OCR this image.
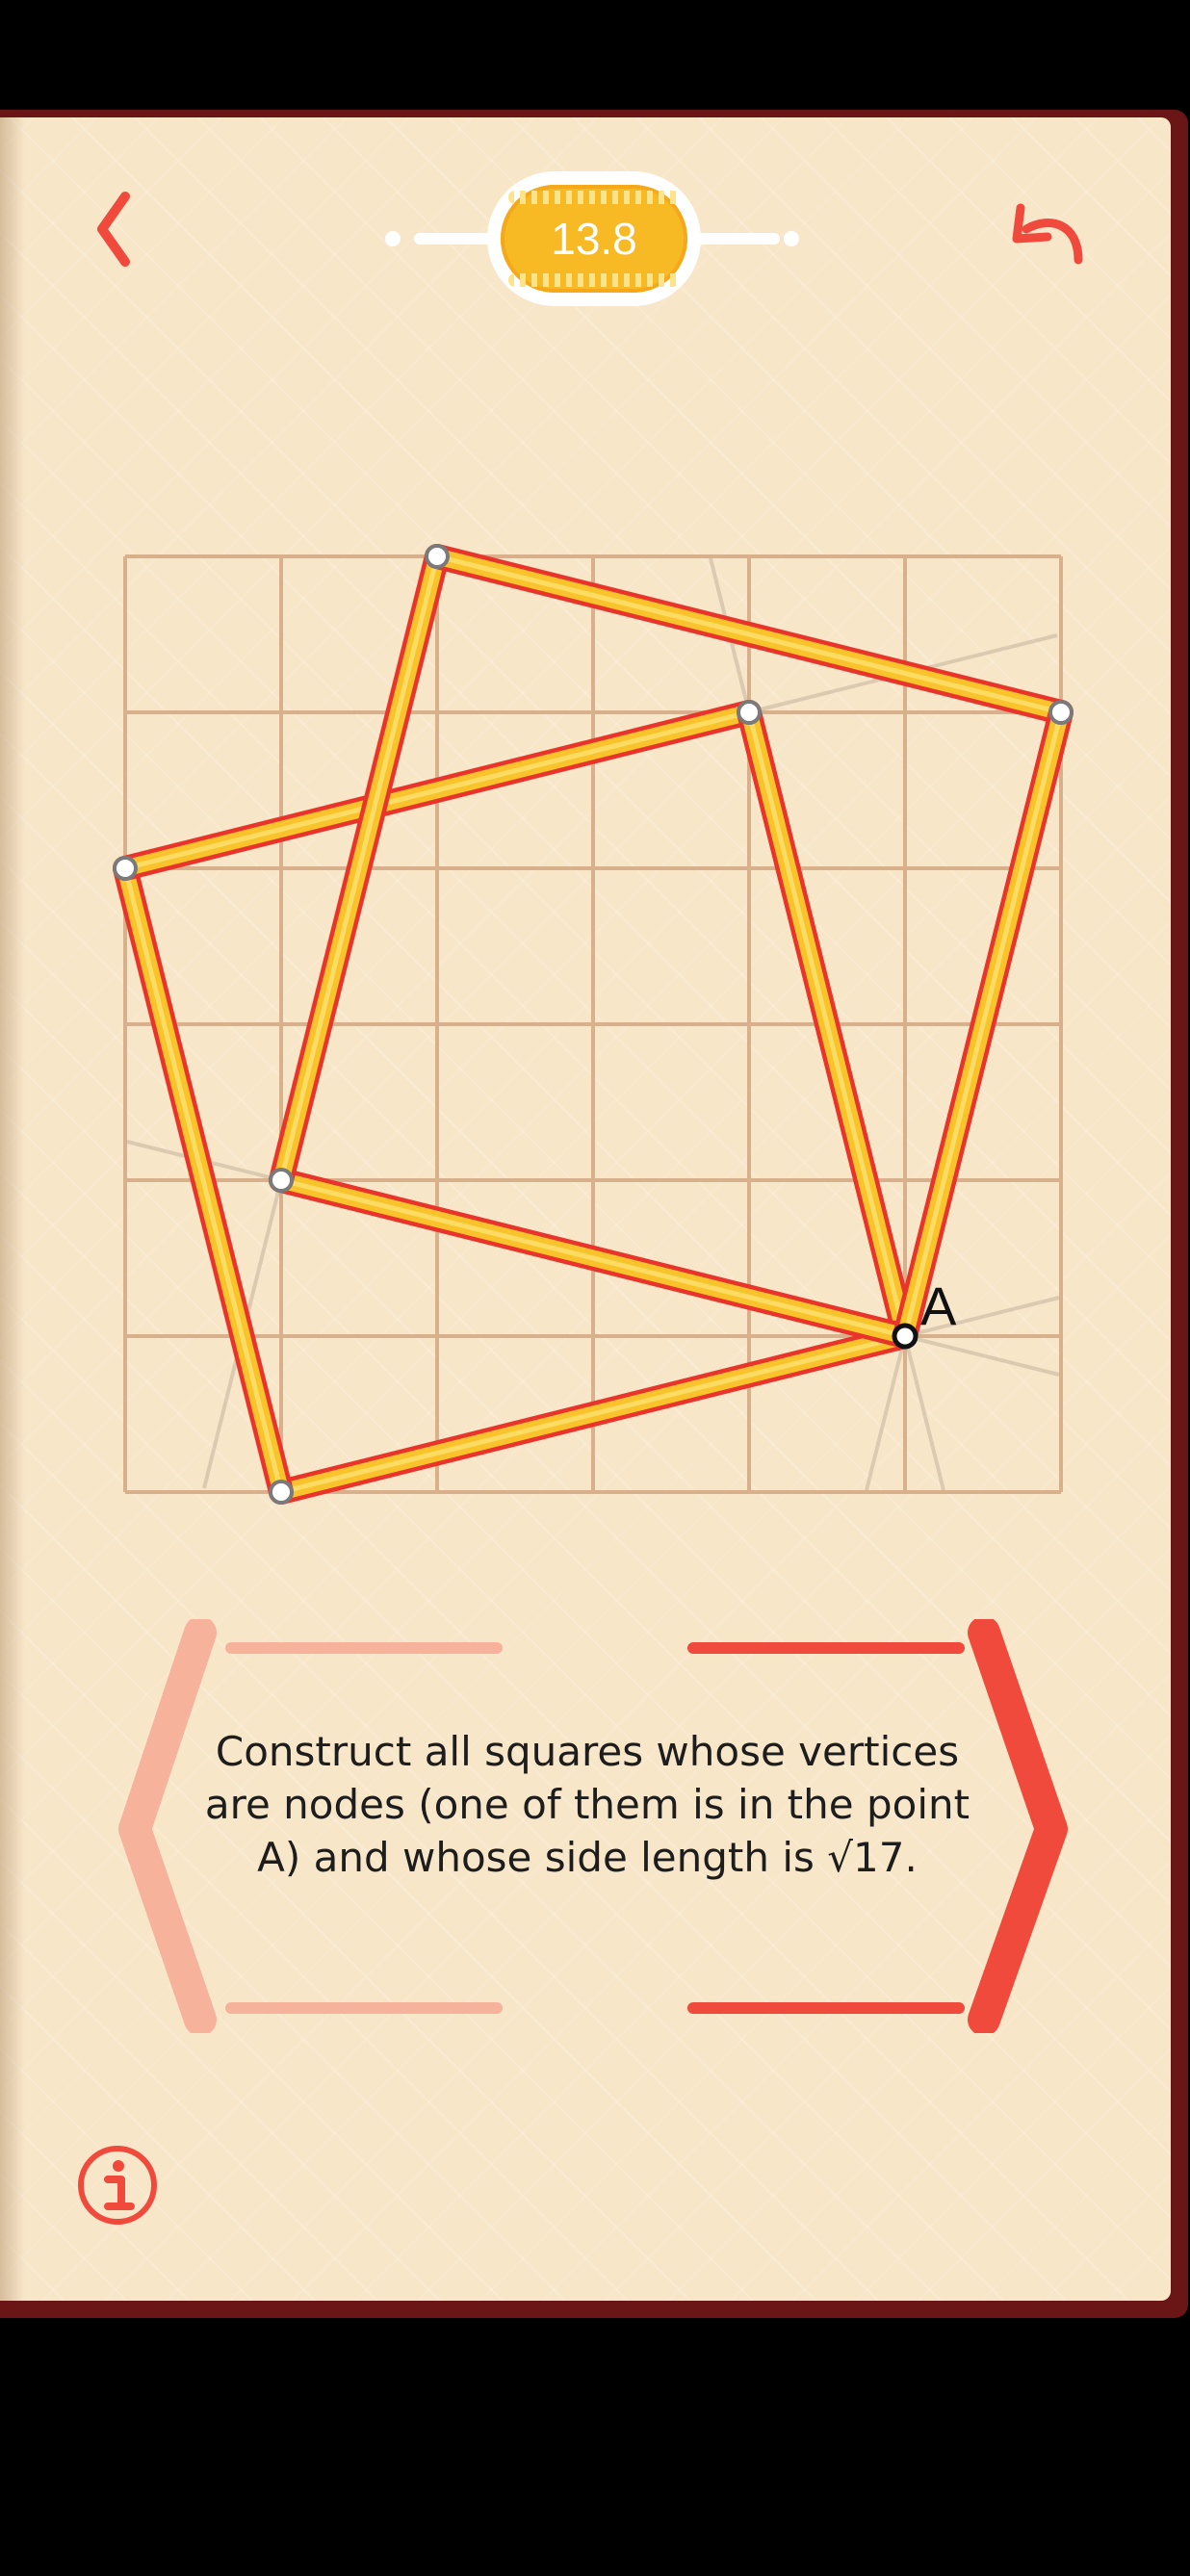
13.8
A
Construct all squares whose vertices are nodes (one of them is in the point A) and whose side length is √17.
